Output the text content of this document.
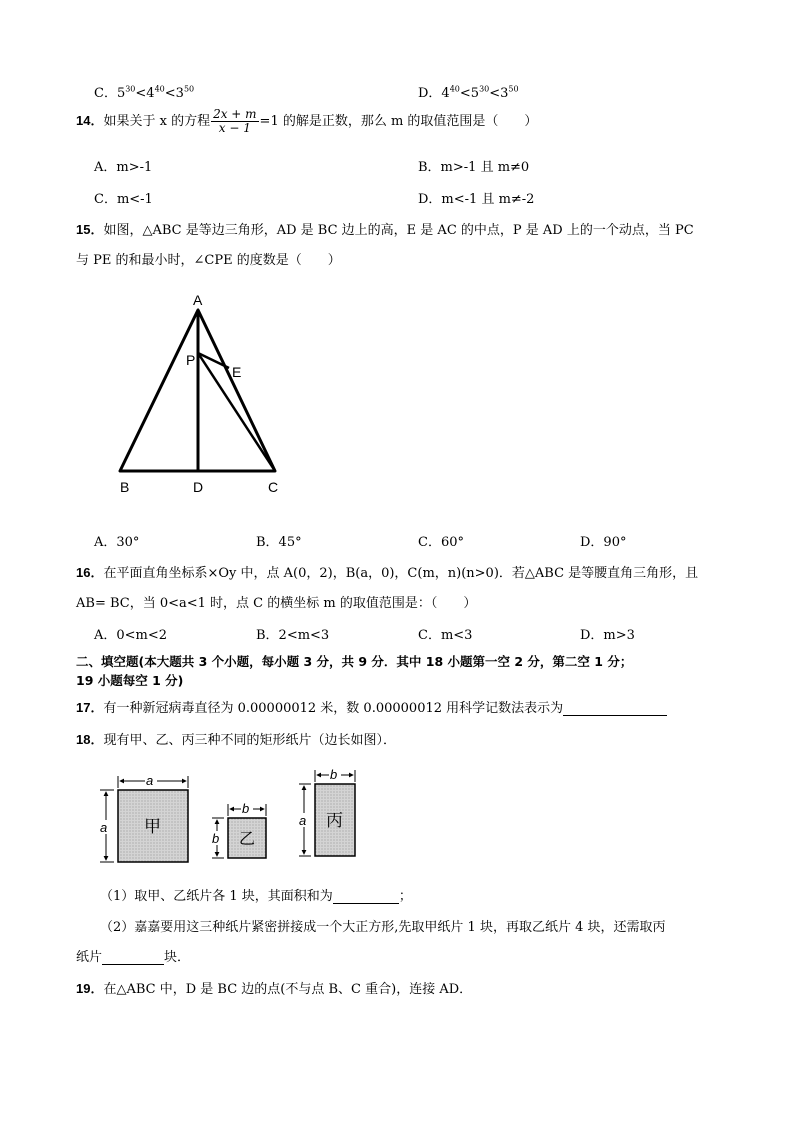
C．$5^{30}<4^{40}<3^{50}$	D．$4^{40}<5^{30}<3^{50}$
14．如果关于 x 的方程 $\frac{2x + m}{x - 1} =1$ 的解是正数，那么 m 的取值范围是（　　）
A．m>-1	B．m>-1 且 m≠0
C．m<-1	D．m<-1 且 m≠-2
15．如图，△ABC 是等边三角形，AD 是 BC 边上的高，E 是 AC 的中点，P 是 AD 上的一个动点，当 PC
与 PE 的和最小时，∠CPE 的度数是（　　）
A
P
E
B	D	C
A．30°	B．45°	C．60°	D．90°
16．在平面直角坐标系×Oy 中，点 A(0，2)，B(a，0)，C(m，n)(n>0)．若△ABC 是等腰直角三角形，且
AB= BC，当 0<a<1 时，点 C 的横坐标 m 的取值范围是：（　　）
A．0<m<2	B．2<m<3	C．m<3	D．m>3
二、填空题(本大题共 3 个小题，每小题 3 分，共 9 分．其中 18 小题第一空 2 分，第二空 1 分；
19 小题每空 1 分)
17．有一种新冠病毒直径为 0.00000012 米，数 0.00000012 用科学记数法表示为
18．现有甲、乙、丙三种不同的矩形纸片（边长如图）．
a
a 甲
b
b 乙
b
a 丙
（1）取甲、乙纸片各 1 块，其面积和为	；
（2）嘉嘉要用这三种纸片紧密拼接成一个大正方形,先取甲纸片 1 块，再取乙纸片 4 块，还需取丙
纸片	块．
19．在△ABC 中，D 是 BC 边的点(不与点 B、C 重合)，连接 AD．
